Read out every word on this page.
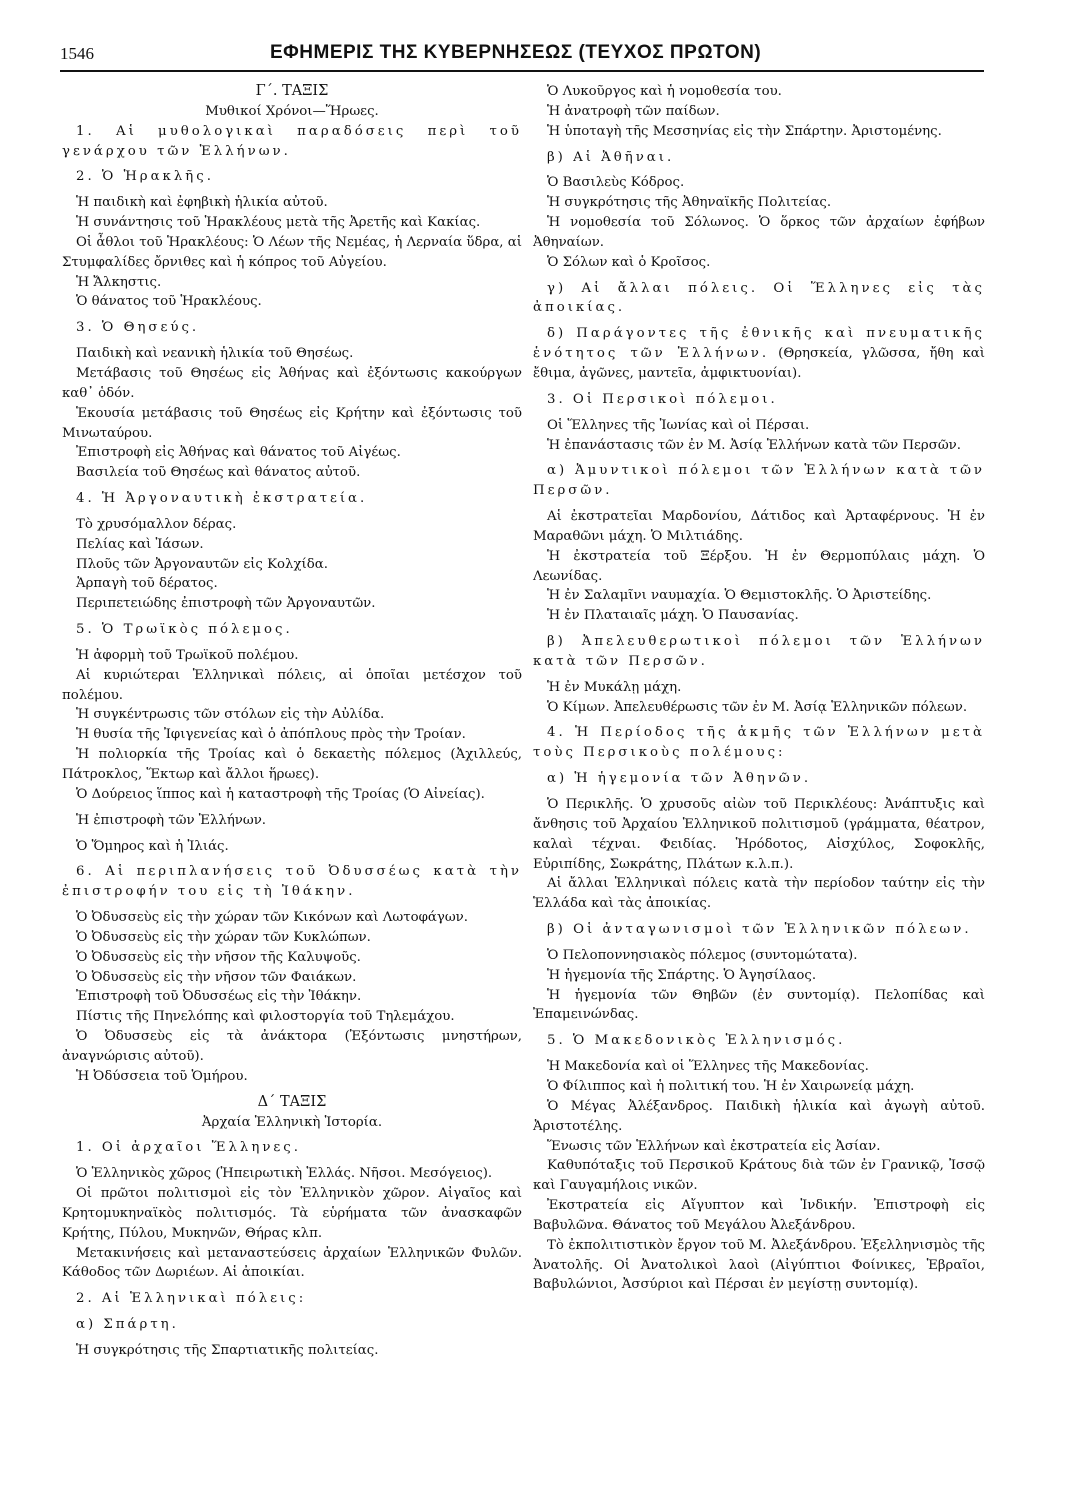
1546	ΕΦΗΜΕΡΙΣ ΤΗΣ ΚΥΒΕΡΝΗΣΕΩΣ (ΤΕΥΧΟΣ ΠΡΩΤΟΝ)
Γ΄. ΤΑΞΙΣ
Μυθικοί Χρόνοι—Ἥρωες.
1. Αἱ μυθολογικαὶ παραδόσεις περὶ τοῦ γενάρχου τῶν Ἑλλήνων.
2. Ὁ Ἡρακλῆς.
Ἡ παιδικὴ καὶ ἐφηβικὴ ἡλικία αὐτοῦ.
Ἡ συνάντησις τοῦ Ἡρακλέους μετὰ τῆς Ἀρετῆς καὶ Κακίας.
Οἱ ἆθλοι τοῦ Ἡρακλέους: Ὁ Λέων τῆς Νεμέας, ἡ Λερναία ὕδρα, αἱ Στυμφαλίδες ὄρνιθες καὶ ἡ κόπρος τοῦ Αὐγείου.
Ἡ Ἄλκηστις.
Ὁ θάνατος τοῦ Ἡρακλέους.
3. Ὁ Θησεύς.
Παιδικὴ καὶ νεανικὴ ἡλικία τοῦ Θησέως.
Μετάβασις τοῦ Θησέως εἰς Ἀθήνας καὶ ἐξόντωσις κακούργων καθ᾽ ὁδόν.
Ἑκουσία μετάβασις τοῦ Θησέως εἰς Κρήτην καὶ ἐξόντωσις τοῦ Μινωταύρου.
Ἐπιστροφὴ εἰς Ἀθήνας καὶ θάνατος τοῦ Αἰγέως.
Βασιλεία τοῦ Θησέως καὶ θάνατος αὐτοῦ.
4. Ἡ Ἀργοναυτικὴ ἐκστρατεία.
Τὸ χρυσόμαλλον δέρας.
Πελίας καὶ Ἰάσων.
Πλοῦς τῶν Ἀργοναυτῶν εἰς Κολχίδα.
Ἁρπαγὴ τοῦ δέρατος.
Περιπετειώδης ἐπιστροφὴ τῶν Ἀργοναυτῶν.
5. Ὁ Τρωϊκὸς πόλεμος.
Ἡ ἀφορμὴ τοῦ Τρωϊκοῦ πολέμου.
Αἱ κυριώτεραι Ἑλληνικαὶ πόλεις, αἱ ὁποῖαι μετέσχον τοῦ πολέμου.
Ἡ συγκέντρωσις τῶν στόλων εἰς τὴν Αὐλίδα.
Ἡ θυσία τῆς Ἰφιγενείας καὶ ὁ ἀπόπλους πρὸς τὴν Τροίαν.
Ἡ πολιορκία τῆς Τροίας καὶ ὁ δεκαετὴς πόλεμος (Ἀχιλλεύς, Πάτροκλος, Ἕκτωρ καὶ ἄλλοι ἥρωες).
Ὁ Δούρειος ἵππος καὶ ἡ καταστροφὴ τῆς Τροίας (Ὁ Αἰνείας).
Ἡ ἐπιστροφὴ τῶν Ἑλλήνων.
Ὁ Ὅμηρος καὶ ἡ Ἰλιάς.
6. Αἱ περιπλανήσεις τοῦ Ὀδυσσέως κατὰ τὴν ἐπιστροφήν του εἰς τὴ Ἰθάκην.
Ὁ Ὀδυσσεὺς εἰς τὴν χώραν τῶν Κικόνων καὶ Λωτοφάγων.
Ὁ Ὀδυσσεὺς εἰς τὴν χώραν τῶν Κυκλώπων.
Ὁ Ὀδυσσεὺς εἰς τὴν νῆσον τῆς Καλυψοῦς.
Ὁ Ὀδυσσεὺς εἰς τὴν νῆσον τῶν Φαιάκων.
Ἐπιστροφὴ τοῦ Ὀδυσσέως εἰς τὴν Ἰθάκην.
Πίστις τῆς Πηνελόπης καὶ φιλοστοργία τοῦ Τηλεμάχου.
Ὁ Ὀδυσσεὺς εἰς τὰ ἀνάκτορα (Ἐξόντωσις μνηστήρων, ἀναγνώρισις αὐτοῦ).
Ἡ Ὀδύσσεια τοῦ Ὁμήρου.
Δ΄ ΤΑΞΙΣ
Ἀρχαία Ἑλληνικὴ Ἱστορία.
1. Οἱ ἀρχαῖοι Ἕλληνες.
Ὁ Ἑλληνικὸς χῶρος (Ἠπειρωτικὴ Ἑλλάς. Νῆσοι. Μεσόγειος).
Οἱ πρῶτοι πολιτισμοὶ εἰς τὸν Ἑλληνικὸν χῶρον. Αἰγαῖος καὶ Κρητομυκηναϊκὸς πολιτισμός. Τὰ εὑρήματα τῶν ἀνασκαφῶν Κρήτης, Πύλου, Μυκηνῶν, Θήρας κλπ.
Μετακινήσεις καὶ μεταναστεύσεις ἀρχαίων Ἑλληνικῶν Φυλῶν. Κάθοδος τῶν Δωριέων. Αἱ ἀποικίαι.
2. Αἱ Ἑλληνικαὶ πόλεις:
α) Σπάρτη.
Ἡ συγκρότησις τῆς Σπαρτιατικῆς πολιτείας.
Ὁ Λυκοῦργος καὶ ἡ νομοθεσία του.
Ἡ ἀνατροφὴ τῶν παίδων.
Ἡ ὑποταγὴ τῆς Μεσσηνίας εἰς τὴν Σπάρτην. Ἀριστομένης.
β) Αἱ Ἀθῆναι.
Ὁ Βασιλεὺς Κόδρος.
Ἡ συγκρότησις τῆς Ἀθηναϊκῆς Πολιτείας.
Ἡ νομοθεσία τοῦ Σόλωνος. Ὁ ὅρκος τῶν ἀρχαίων ἐφήβων Ἀθηναίων.
Ὁ Σόλων καὶ ὁ Κροῖσος.
γ) Αἱ ἄλλαι πόλεις. Οἱ Ἕλληνες εἰς τὰς ἀποικίας.
δ) Παράγοντες τῆς ἐθνικῆς καὶ πνευματικῆς ἑνότητος τῶν Ἑλλήνων. (Θρησκεία, γλῶσσα, ἤθη καὶ ἔθιμα, ἀγῶνες, μαντεῖα, ἀμφικτυονίαι).
3. Οἱ Περσικοὶ πόλεμοι.
Οἱ Ἕλληνες τῆς Ἰωνίας καὶ οἱ Πέρσαι.
Ἡ ἐπανάστασις τῶν ἐν Μ. Ἀσίᾳ Ἑλλήνων κατὰ τῶν Περσῶν.
α) Ἀμυντικοὶ πόλεμοι τῶν Ἑλλήνων κατὰ τῶν Περσῶν.
Αἱ ἐκστρατεῖαι Μαρδονίου, Δάτιδος καὶ Ἀρταφέρνους. Ἡ ἐν Μαραθῶνι μάχη. Ὁ Μιλτιάδης.
Ἡ ἐκστρατεία τοῦ Ξέρξου. Ἡ ἐν Θερμοπύλαις μάχη. Ὁ Λεωνίδας.
Ἡ ἐν Σαλαμῖνι ναυμαχία. Ὁ Θεμιστοκλῆς. Ὁ Ἀριστείδης.
Ἡ ἐν Πλαταιαῖς μάχη. Ὁ Παυσανίας.
β) Ἀπελευθερωτικοὶ πόλεμοι τῶν Ἑλλήνων κατὰ τῶν Περσῶν.
Ἡ ἐν Μυκάλῃ μάχη.
Ὁ Κίμων. Ἀπελευθέρωσις τῶν ἐν Μ. Ἀσίᾳ Ἑλληνικῶν πόλεων.
4. Ἡ Περίοδος τῆς ἀκμῆς τῶν Ἑλλήνων μετὰ τοὺς Περσικοὺς πολέμους:
α) Ἡ ἡγεμονία τῶν Ἀθηνῶν.
Ὁ Περικλῆς. Ὁ χρυσοῦς αἰὼν τοῦ Περικλέους: Ἀνάπτυξις καὶ ἄνθησις τοῦ Ἀρχαίου Ἑλληνικοῦ πολιτισμοῦ (γράμματα, θέατρον, καλαὶ τέχναι. Φειδίας. Ἡρόδοτος, Αἰσχύλος, Σοφοκλῆς, Εὐριπίδης, Σωκράτης, Πλάτων κ.λ.π.).
Αἱ ἄλλαι Ἑλληνικαὶ πόλεις κατὰ τὴν περίοδον ταύτην εἰς τὴν Ἑλλάδα καὶ τὰς ἀποικίας.
β) Οἱ ἀνταγωνισμοὶ τῶν Ἑλληνικῶν πόλεων.
Ὁ Πελοποννησιακὸς πόλεμος (συντομώτατα).
Ἡ ἡγεμονία τῆς Σπάρτης. Ὁ Ἀγησίλαος.
Ἡ ἡγεμονία τῶν Θηβῶν (ἐν συντομίᾳ). Πελοπίδας καὶ Ἐπαμεινώνδας.
5. Ὁ Μακεδονικὸς Ἑλληνισμός.
Ἡ Μακεδονία καὶ οἱ Ἕλληνες τῆς Μακεδονίας.
Ὁ Φίλιππος καὶ ἡ πολιτική του. Ἡ ἐν Χαιρωνείᾳ μάχη.
Ὁ Μέγας Ἀλέξανδρος. Παιδικὴ ἡλικία καὶ ἀγωγὴ αὐτοῦ. Ἀριστοτέλης.
Ἕνωσις τῶν Ἑλλήνων καὶ ἐκστρατεία εἰς Ἀσίαν.
Καθυπόταξις τοῦ Περσικοῦ Κράτους διὰ τῶν ἐν Γρανικῷ, Ἰσσῷ καὶ Γαυγαμήλοις νικῶν.
Ἐκστρατεία εἰς Αἴγυπτον καὶ Ἰνδικήν. Ἐπιστροφὴ εἰς Βαβυλῶνα. Θάνατος τοῦ Μεγάλου Ἀλεξάνδρου.
Τὸ ἐκπολιτιστικὸν ἔργον τοῦ Μ. Ἀλεξάνδρου. Ἐξελληνισμὸς τῆς Ἀνατολῆς. Οἱ Ἀνατολικοὶ λαοὶ (Αἰγύπτιοι Φοίνικες, Ἑβραῖοι, Βαβυλώνιοι, Ἀσσύριοι καὶ Πέρσαι ἐν μεγίστῃ συντομίᾳ).
